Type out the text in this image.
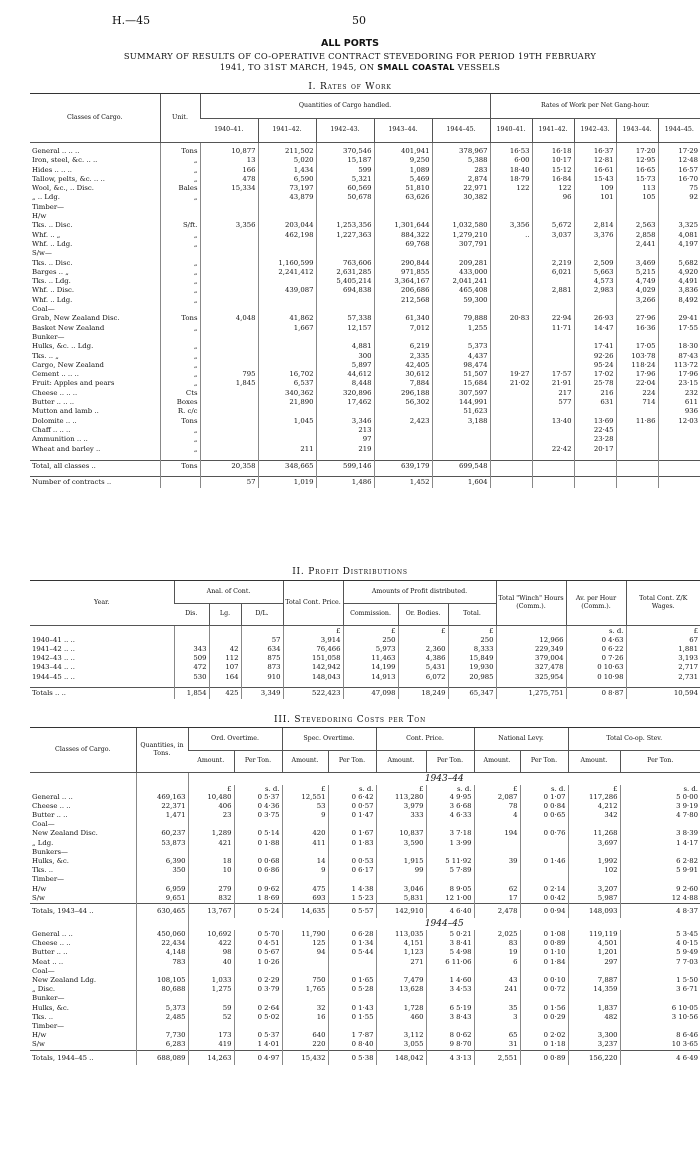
H.—45	50
ALL PORTS
SUMMARY OF RESULTS OF CO-OPERATIVE CONTRACT STEVEDORING FOR PERIOD 19TH FEBRUARY
1941, TO 31ST MARCH, 1945, ON SMALL COASTAL VESSELS
I. Rates of Work
Classes of Cargo.	Unit.	Quantities of Cargo handled.					Rates of Work per Net Gang-hour.				
		1940–41.	1941–42.	1942–43.	1943–44.	1944–45.	1940–41.	1941–42.	1942–43.	1943–44.	1944–45.

General .. .. ..	Tons	10,877	211,502	370,546	401,941	378,967	16·53	16·18	16·37	17·20	17·29
Iron, steel, &c. .. ..	„	13	5,020	15,187	9,250	5,388	6·00	10·17	12·81	12·95	12·48
Hides .. .. ..	„	166	1,434	599	1,089	283	18·40	15·12	16·61	16·65	16·57
Tallow, pelts, &c. .. ..	„	478	6,590	5,321	5,469	2,874	18·79	16·84	15·43	15·73	16·70
Wool, &c., .. Disc.	Bales	15,334	73,197	60,569	51,810	22,971	122	122	109	113	75
„ .. Ldg.	„		43,879	50,678	63,626	30,382		96	101	105	92
Timber—											
H/w											
Tks. .. Disc.	S/ft.	3,356	203,044	1,253,356	1,301,644	1,032,580	3,356	5,672	2,814	2,563	3,325
Whf. .. „	„		462,198	1,227,363	884,322	1,279,210	..	3,037	3,376	2,858	4,081
Whf. .. Ldg.	„				69,768	307,791				2,441	4,197
S/w—											
Tks. .. Disc.	„		1,160,599	763,606	290,844	209,281		2,219	2,509	3,469	5,682
Barges .. „	„		2,241,412	2,631,285	971,855	433,000		6,021	5,663	5,215	4,920
Tks. .. Ldg.	„			5,405,214	3,364,167	2,041,241			4,573	4,749	4,491
Whf. .. Disc.	„		439,087	694,838	206,686	465,408		2,881	2,983	4,029	3,836
Whf. .. Ldg.	„				212,568	59,300				3,266	8,492
Coal—											
Grab, New Zealand Disc.	Tons	4,048	41,862	57,338	61,340	79,888	20·83	22·94	26·93	27·96	29·41
Basket New Zealand	„		1,667	12,157	7,012	1,255		11·71	14·47	16·36	17·55
Bunker—											
Hulks, &c. .. Ldg.	„			4,881	6,219	5,373			17·41	17·05	18·30
Tks. .. „	„			300	2,335	4,437			92·26	103·78	87·43
Cargo, New Zealand	„			5,897	42,405	98,474			95·24	118·24	113·72
Cement .. .. ..	„	795	16,702	44,612	30,612	51,507	19·27	17·57	17·02	17·96	17·96
Fruit: Apples and pears	„	1,845	6,537	8,448	7,884	15,684	21·02	21·91	25·78	22·04	23·15
Cheese .. .. ..	Cts		340,362	320,896	296,188	307,597		217	216	224	232
Butter .. .. ..	Boxes		21,890	17,462	56,302	144,991		577	631	714	611
Mutton and lamb ..	R. c/c					51,623					936
Dolomite .. ..	Tons		1,045	3,346	2,423	3,188		13·40	13·69	11·86	12·03
Chaff .. .. ..	„			213					22·45		
Ammunition .. ..	„			97					23·28		
Wheat and barley ..	„		211	219				22·42	20·17		

Total, all classes ..	Tons	20,358	348,665	599,146	639,179	699,548					

Number of contracts ..		57	1,019	1,486	1,452	1,604					
II. Profit Distributions
Year.	Anal. of Cont.			Total Cont. Price.	Amounts of Profit distributed.			Total "Winch" Hours (Comm.).	Av. per Hour (Comm.).	Total Cont. Z/K Wages.
	Dis.	Lg.	D/L.		Commission.	Or. Bodies.	Total.			
				£	£	£	£		s. d.	£
1940–41 .. ..			57	3,914	250		250	12,966	0 4·63	67
1941–42 .. ..	343	42	634	76,466	5,973	2,360	8,333	229,349	0 6·22	1,881
1942–43 .. ..	509	112	875	151,058	11,463	4,386	15,849	379,004	0 7·26	3,193
1943–44 .. ..	472	107	873	142,942	14,199	5,431	19,930	327,478	0 10·63	2,717
1944–45 .. ..	530	164	910	148,043	14,913	6,072	20,985	325,954	0 10·98	2,731

Totals .. ..	1,854	425	3,349	522,423	47,098	18,249	65,347	1,275,751	0 8·87	10,594
III. Stevedoring Costs per Ton
Classes of Cargo.	Quantities, in Tons.	Ord. Overtime.		Spec. Overtime.		Cont. Price.		National Levy.		Total Co-op. Stev.	
		Amount.	Per Ton.	Amount.	Per Ton.	Amount.	Per Ton.	Amount.	Per Ton.	Amount.	Per Ton.
		1943–44									
		£	s. d.	£	s. d.	£	s. d.	£	s. d.	£	s. d.
General .. ..	469,163	10,480	0 5·37	12,551	0 6·42	113,280	4 9·95	2,087	0 1·07	117,286	5 0·00
Cheese .. ..	22,371	406	0 4·36	53	0 0·57	3,979	3 6·68	78	0 0·84	4,212	3 9·19
Butter .. ..	1,471	23	0 3·75	9	0 1·47	333	4 6·33	4	0 0·65	342	4 7·80
Coal—											
New Zealand Disc.	60,237	1,289	0 5·14	420	0 1·67	10,837	3 7·18	194	0 0·76	11,268	3 8·39
„ Ldg.	53,873	421	0 1·88	411	0 1·83	3,590	1 3·99			3,697	1 4·17
Bunkers—											
Hulks, &c.	6,390	18	0 0·68	14	0 0·53	1,915	5 11·92	39	0 1·46	1,992	6 2·82
Tks. ..	350	10	0 6·86	9	0 6·17	99	5 7·89			102	5 9·91
Timber—											
H/w	6,959	279	0 9·62	475	1 4·38	3,046	8 9·05	62	0 2·14	3,207	9 2·60
S/w	9,651	832	1 8·69	693	1 5·23	5,831	12 1·00	17	0 0·42	5,987	12 4·88
Totals, 1943–44 ..	630,465	13,767	0 5·24	14,635	0 5·57	142,910	4 6·40	2,478	0 0·94	148,093	4 8·37
		1944–45									
General .. ..	450,060	10,692	0 5·70	11,790	0 6·28	113,035	5 0·21	2,025	0 1·08	119,119	5 3·45
Cheese .. ..	22,434	422	0 4·51	125	0 1·34	4,151	3 8·41	83	0 0·89	4,501	4 0·15
Butter .. ..	4,148	98	0 5·67	94	0 5·44	1,123	5 4·98	19	0 1·10	1,201	5 9·49
Meat .. ..	783	40	1 0·26			271	6 11·06	6	0 1·84	297	7 7·03
Coal—											
New Zealand Ldg.	108,105	1,033	0 2·29	750	0 1·65	7,479	1 4·60	43	0 0·10	7,887	1 5·50
„ Disc.	80,688	1,275	0 3·79	1,765	0 5·28	13,628	3 4·53	241	0 0·72	14,359	3 6·71
Bunker—											
Hulks, &c.	5,373	59	0 2·64	32	0 1·43	1,728	6 5·19	35	0 1·56	1,837	6 10·05
Tks. ..	2,485	52	0 5·02	16	0 1·55	460	3 8·43	3	0 0·29	482	3 10·56
Timber—											
H/w	7,730	173	0 5·37	640	1 7·87	3,112	8 0·62	65	0 2·02	3,300	8 6·46
S/w	6,283	419	1 4·01	220	0 8·40	3,055	9 8·70	31	0 1·18	3,237	10 3·65
Totals, 1944–45 ..	688,089	14,263	0 4·97	15,432	0 5·38	148,042	4 3·13	2,551	0 0·89	156,220	4 6·49
